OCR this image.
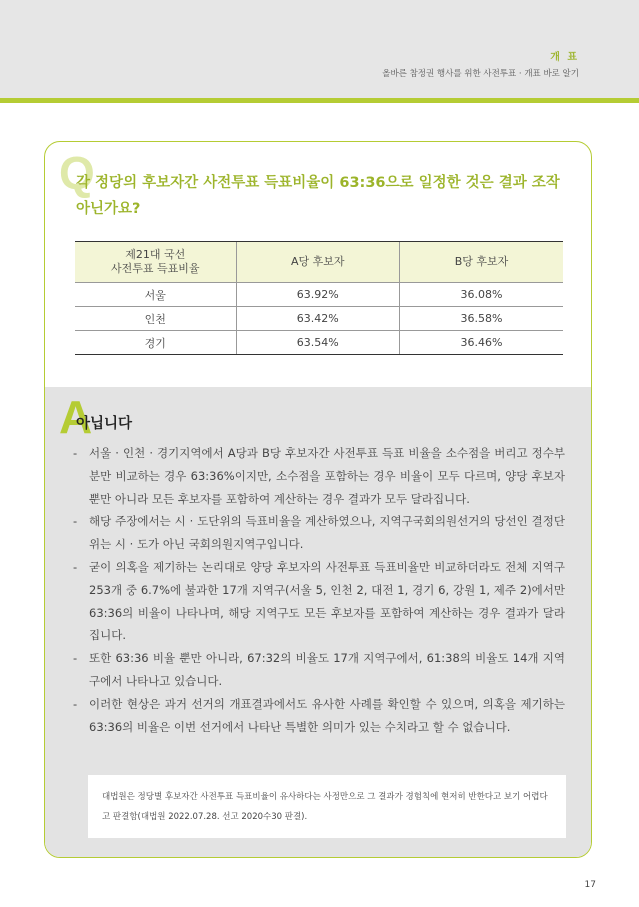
개 표
올바른 참정권 행사를 위한 사전투표 · 개표 바로 알기
Q
각 정당의 후보자간 사전투표 득표비율이 63:36으로 일정한 것은 결과 조작 아닌가요?
제21대 국선
사전투표 득표비율	A당 후보자	B당 후보자
서울	63.92%	36.08%
인천	63.42%	36.58%
경기	63.54%	36.46%
A
아닙니다
- 서울 · 인천 · 경기지역에서 A당과 B당 후보자간 사전투표 득표 비율을 소수점을 버리고 정수부분만 비교하는 경우 63:36%이지만, 소수점을 포함하는 경우 비율이 모두 다르며, 양당 후보자 뿐만 아니라 모든 후보자를 포함하여 계산하는 경우 결과가 모두 달라집니다.
- 해당 주장에서는 시 · 도단위의 득표비율을 계산하였으나, 지역구국회의원선거의 당선인 결정단위는 시 · 도가 아닌 국회의원지역구입니다.
- 굳이 의혹을 제기하는 논리대로 양당 후보자의 사전투표 득표비율만 비교하더라도 전체 지역구 253개 중 6.7%에 불과한 17개 지역구(서울 5, 인천 2, 대전 1, 경기 6, 강원 1, 제주 2)에서만 63:36의 비율이 나타나며, 해당 지역구도 모든 후보자를 포함하여 계산하는 경우 결과가 달라집니다.
- 또한 63:36 비율 뿐만 아니라, 67:32의 비율도 17개 지역구에서, 61:38의 비율도 14개 지역구에서 나타나고 있습니다.
- 이러한 현상은 과거 선거의 개표결과에서도 유사한 사례를 확인할 수 있으며, 의혹을 제기하는 63:36의 비율은 이번 선거에서 나타난 특별한 의미가 있는 수치라고 할 수 없습니다.
대법원은 정당별 후보자간 사전투표 득표비율이 유사하다는 사정만으로 그 결과가 경험칙에 현저히 반한다고 보기 어렵다고 판결함(대법원 2022.07.28. 선고 2020수30 판결).
17
